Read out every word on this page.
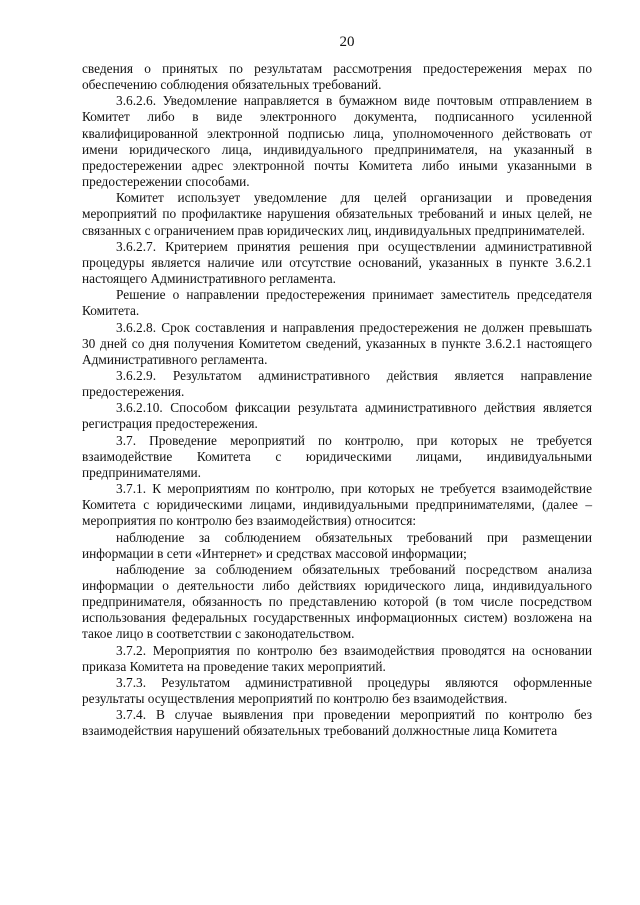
20

сведения о принятых по результатам рассмотрения предостережения мерах по обеспечению соблюдения обязательных требований.

3.6.2.6. Уведомление направляется в бумажном виде почтовым отправлением в Комитет либо в виде электронного документа, подписанного усиленной квалифицированной электронной подписью лица, уполномоченного действовать от имени юридического лица, индивидуального предпринимателя, на указанный в предостережении адрес электронной почты Комитета либо иными указанными в предостережении способами.

Комитет использует уведомление для целей организации и проведения мероприятий по профилактике нарушения обязательных требований и иных целей, не связанных с ограничением прав юридических лиц, индивидуальных предпринимателей.

3.6.2.7. Критерием принятия решения при осуществлении административной процедуры является наличие или отсутствие оснований, указанных в пункте 3.6.2.1 настоящего Административного регламента.

Решение о направлении предостережения принимает заместитель председателя Комитета.

3.6.2.8. Срок составления и направления предостережения не должен превышать 30 дней со дня получения Комитетом сведений, указанных в пункте 3.6.2.1 настоящего Административного регламента.

3.6.2.9. Результатом административного действия является направление предостережения.

3.6.2.10. Способом фиксации результата административного действия является регистрация предостережения.

3.7. Проведение мероприятий по контролю, при которых не требуется взаимодействие Комитета с юридическими лицами, индивидуальными предпринимателями.

3.7.1. К мероприятиям по контролю, при которых не требуется взаимодействие Комитета с юридическими лицами, индивидуальными предпринимателями, (далее – мероприятия по контролю без взаимодействия) относится:

наблюдение за соблюдением обязательных требований при размещении информации в сети «Интернет» и средствах массовой информации;

наблюдение за соблюдением обязательных требований посредством анализа информации о деятельности либо действиях юридического лица, индивидуального предпринимателя, обязанность по представлению которой (в том числе посредством использования федеральных государственных информационных систем) возложена на такое лицо в соответствии с законодательством.

3.7.2. Мероприятия по контролю без взаимодействия проводятся на основании приказа Комитета на проведение таких мероприятий.

3.7.3. Результатом административной процедуры являются оформленные результаты осуществления мероприятий по контролю без взаимодействия.

3.7.4. В случае выявления при проведении мероприятий по контролю без взаимодействия нарушений обязательных требований должностные лица Комитета
